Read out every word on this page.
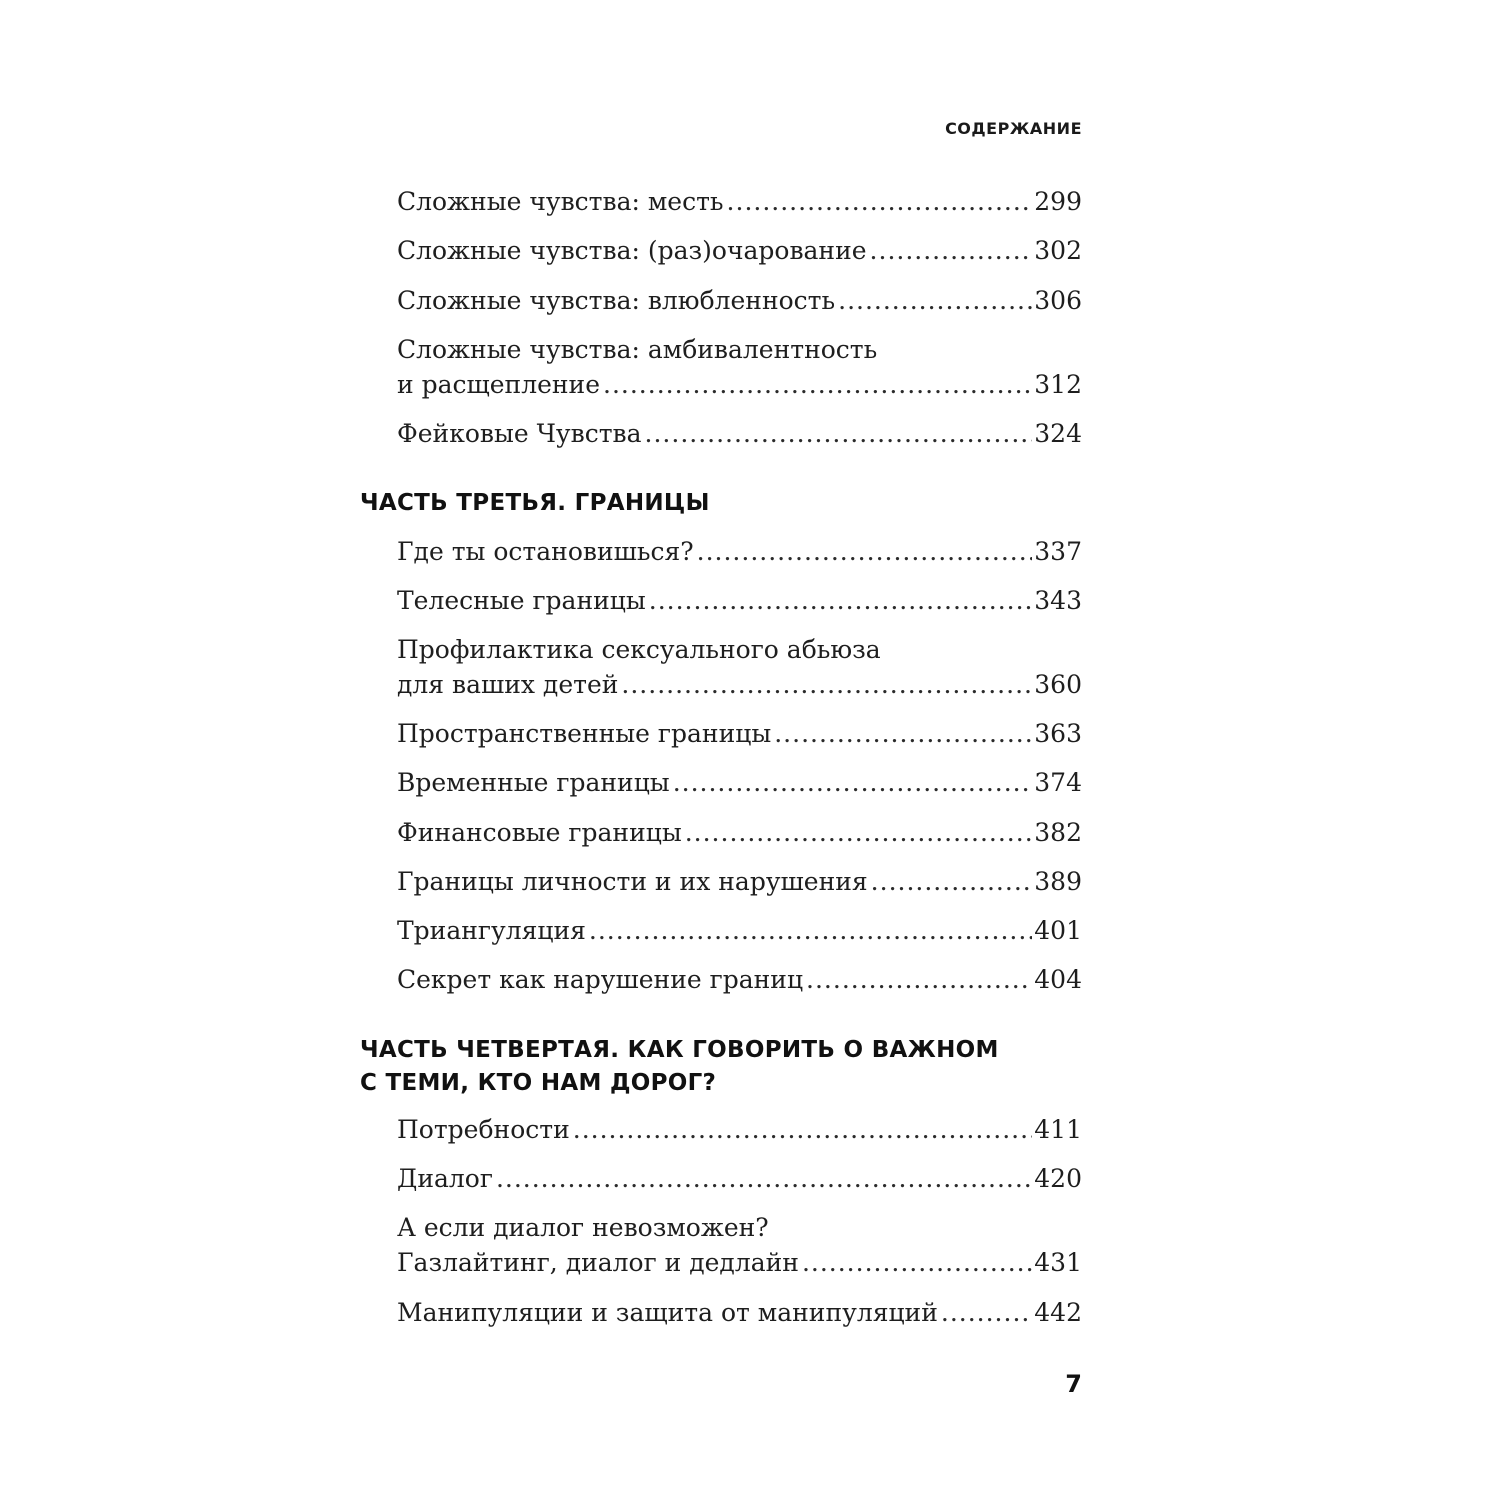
СОДЕРЖАНИЕ
Сложные чувства: месть .....	299
Сложные чувства: (раз)очарование .....	302
Сложные чувства: влюбленность .....	306
Сложные чувства: амбивалентность
и расщепление .....	312
Фейковые Чувства .....	324
ЧАСТЬ ТРЕТЬЯ. ГРАНИЦЫ
Где ты остановишься? .....	337
Телесные границы .....	343
Профилактика сексуального абьюза
для ваших детей .....	360
Пространственные границы .....	363
Временные границы .....	374
Финансовые границы .....	382
Границы личности и их нарушения .....	389
Триангуляция .....	401
Секрет как нарушение границ .....	404
ЧАСТЬ ЧЕТВЕРТАЯ. КАК ГОВОРИТЬ О ВАЖНОМ
С ТЕМИ, КТО НАМ ДОРОГ?
Потребности .....	411
Диалог .....	420
А если диалог невозможен?
Газлайтинг, диалог и дедлайн .....	431
Манипуляции и защита от манипуляций .....	442
7
